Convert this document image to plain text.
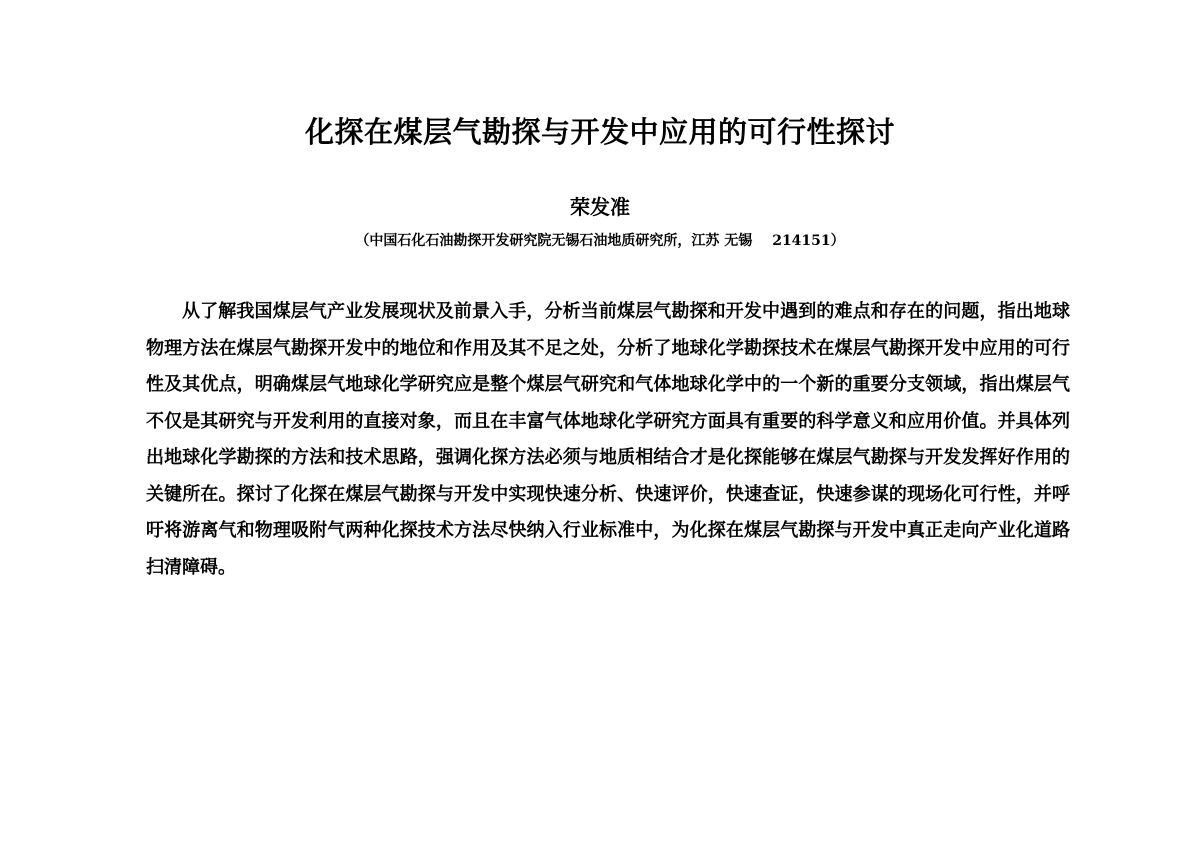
化探在煤层气勘探与开发中应用的可行性探讨

荣发准

（中国石化石油勘探开发研究院无锡石油地质研究所，江苏 无锡 214151）

从了解我国煤层气产业发展现状及前景入手，分析当前煤层气勘探和开发中遇到的难点和存在的问题，指出地球物理方法在煤层气勘探开发中的地位和作用及其不足之处，分析了地球化学勘探技术在煤层气勘探开发中应用的可行性及其优点，明确煤层气地球化学研究应是整个煤层气研究和气体地球化学中的一个新的重要分支领域，指出煤层气不仅是其研究与开发利用的直接对象，而且在丰富气体地球化学研究方面具有重要的科学意义和应用价值。并具体列出地球化学勘探的方法和技术思路，强调化探方法必须与地质相结合才是化探能够在煤层气勘探与开发发挥好作用的关键所在。探讨了化探在煤层气勘探与开发中实现快速分析、快速评价，快速查证，快速参谋的现场化可行性，并呼吁将游离气和物理吸附气两种化探技术方法尽快纳入行业标准中，为化探在煤层气勘探与开发中真正走向产业化道路扫清障碍。
